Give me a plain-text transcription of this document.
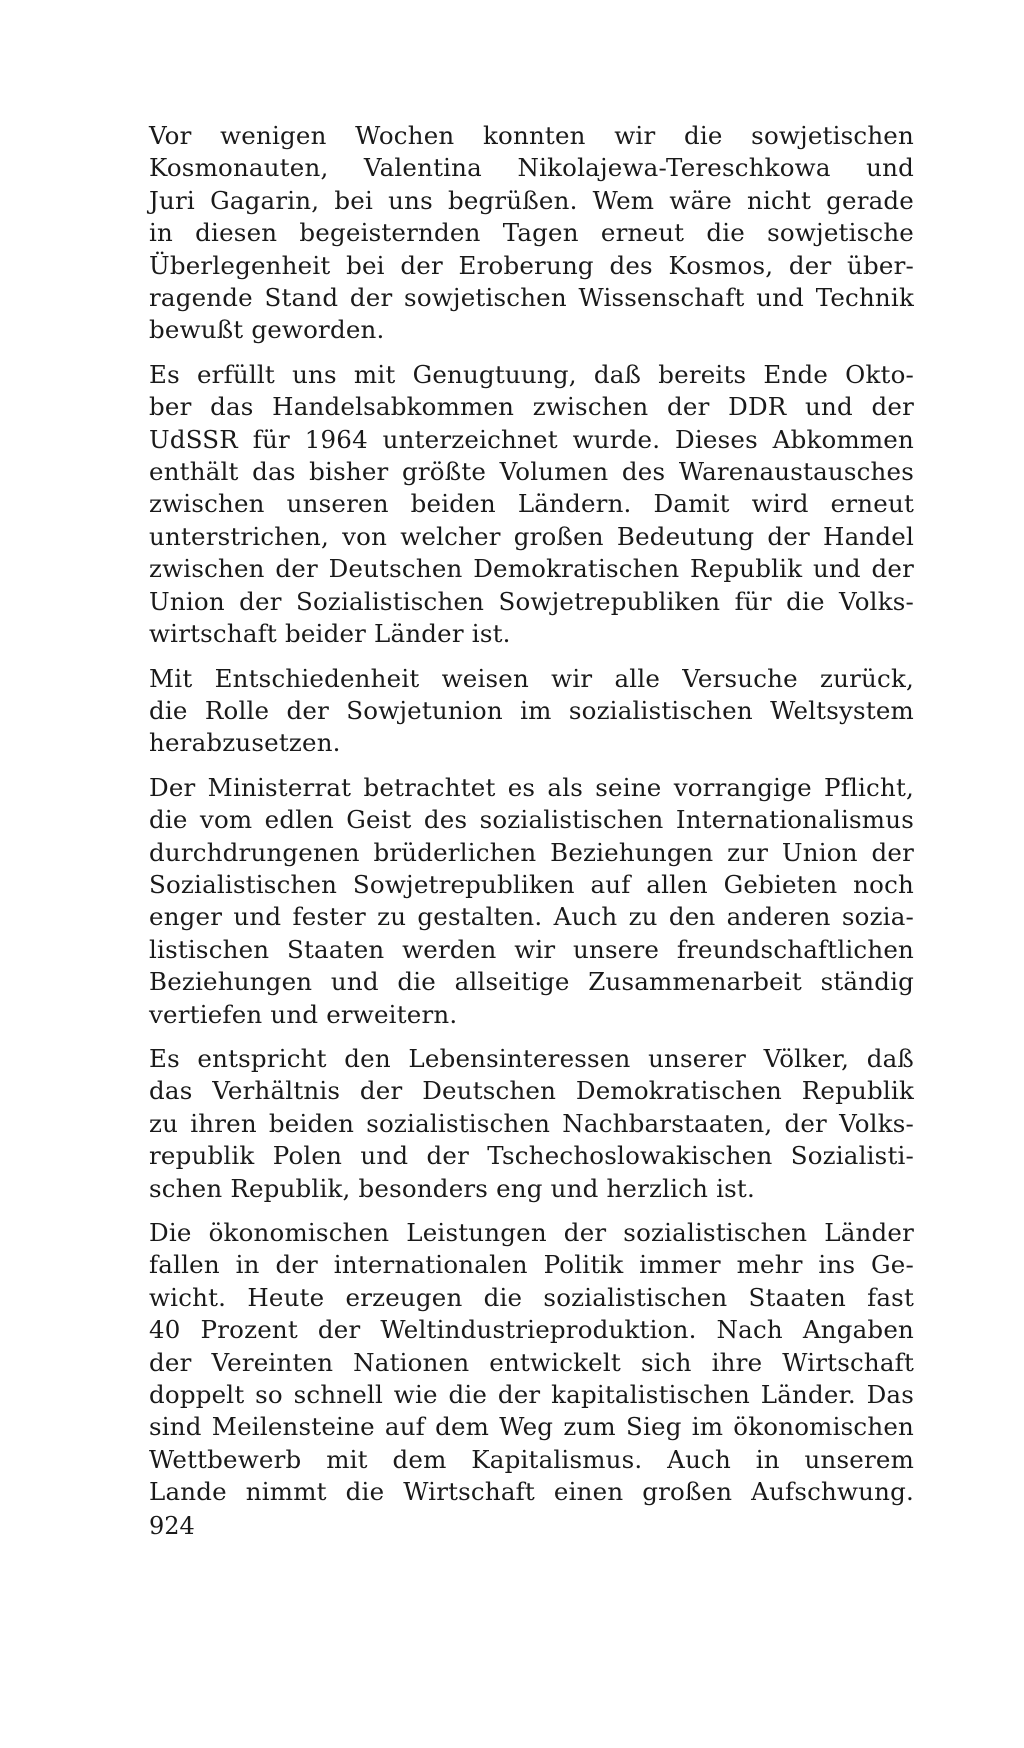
Vor wenigen Wochen konnten wir die sowjetischen
Kosmonauten, Valentina Nikolajewa-Tereschkowa und
Juri Gagarin, bei uns begrüßen. Wem wäre nicht gerade
in diesen begeisternden Tagen erneut die sowjetische
Überlegenheit bei der Eroberung des Kosmos, der über-
ragende Stand der sowjetischen Wissenschaft und Technik
bewußt geworden.
Es erfüllt uns mit Genugtuung, daß bereits Ende Okto-
ber das Handelsabkommen zwischen der DDR und der
UdSSR für 1964 unterzeichnet wurde. Dieses Abkommen
enthält das bisher größte Volumen des Warenaustausches
zwischen unseren beiden Ländern. Damit wird erneut
unterstrichen, von welcher großen Bedeutung der Handel
zwischen der Deutschen Demokratischen Republik und der
Union der Sozialistischen Sowjetrepubliken für die Volks-
wirtschaft beider Länder ist.
Mit Entschiedenheit weisen wir alle Versuche zurück,
die Rolle der Sowjetunion im sozialistischen Weltsystem
herabzusetzen.
Der Ministerrat betrachtet es als seine vorrangige Pflicht,
die vom edlen Geist des sozialistischen Internationalismus
durchdrungenen brüderlichen Beziehungen zur Union der
Sozialistischen Sowjetrepubliken auf allen Gebieten noch
enger und fester zu gestalten. Auch zu den anderen sozia-
listischen Staaten werden wir unsere freundschaftlichen
Beziehungen und die allseitige Zusammenarbeit ständig
vertiefen und erweitern.
Es entspricht den Lebensinteressen unserer Völker, daß
das Verhältnis der Deutschen Demokratischen Republik
zu ihren beiden sozialistischen Nachbarstaaten, der Volks-
republik Polen und der Tschechoslowakischen Sozialisti-
schen Republik, besonders eng und herzlich ist.
Die ökonomischen Leistungen der sozialistischen Länder
fallen in der internationalen Politik immer mehr ins Ge-
wicht. Heute erzeugen die sozialistischen Staaten fast
40 Prozent der Weltindustrieproduktion. Nach Angaben
der Vereinten Nationen entwickelt sich ihre Wirtschaft
doppelt so schnell wie die der kapitalistischen Länder. Das
sind Meilensteine auf dem Weg zum Sieg im ökonomischen
Wettbewerb mit dem Kapitalismus. Auch in unserem
Lande nimmt die Wirtschaft einen großen Aufschwung.
924
